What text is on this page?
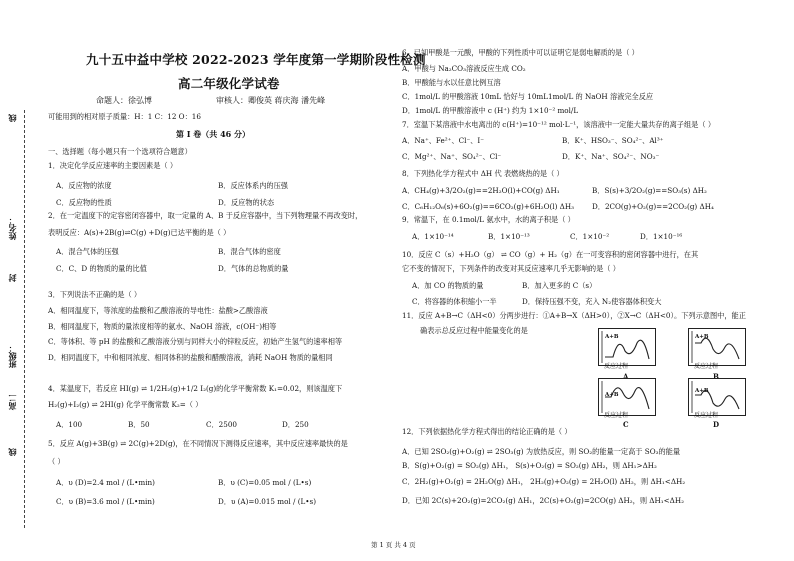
线
姓名：
封
班级：
高二
线
九十五中益中学校 2022-2023 学年度第一学期阶段性检测
高二年级化学试卷
命题人：徐弘博	审核人：卿俊英 蒋庆海 潘先峰
可能用到的相对原子质量：H：1 C：12 O：16
第 Ⅰ 卷（共 46 分）
一、选择题（每小题只有一个选项符合题意）
1．决定化学反应速率的主要因素是（ ）
A．反应物的浓度	B．反应体系内的压强
C．反应物的性质	D．反应物的状态
2．在一定温度下的定容密闭容器中，取一定量的 A、B 于反应容器中，当下列物理量不再改变时，
表明反应：A(s)+2B(g)⇌C(g) +D(g)已达平衡的是（ ）
A．混合气体的压强	B．混合气体的密度
C．C、D 的物质的量的比值	D．气体的总物质的量
3．下列说法不正确的是（ ）
A．相同温度下，等浓度的盐酸和乙酸溶液的导电性：盐酸>乙酸溶液
B．相同温度下，物质的量浓度相等的氨水、NaOH 溶液，c(OH⁻)相等
C．等体积、等 pH 的盐酸和乙酸溶液分别与同样大小的锌粒反应，初始产生氢气的速率相等
D．相同温度下，中和相同浓度、相同体积的盐酸和醋酸溶液，消耗 NaOH 物质的量相同
4．某温度下，若反应 HI(g) ⇌ 1/2H₂(g)+1/2 I₂(g)的化学平衡常数 K₁=0.02，则该温度下
H₂(g)+I₂(g) ⇌ 2HI(g) 化学平衡常数 K₂=（ ）
A．100	B．50	C．2500	D．250
5．反应 A(g)+3B(g) ⇌ 2C(g)+2D(g)，在不同情况下测得反应速率，其中反应速率最快的是
（ ）
A．υ (D)=2.4 mol / (L•min)	B．υ (C)=0.05 mol / (L•s)
C．υ (B)=3.6 mol / (L•min)	D．υ (A)=0.015 mol / (L•s)
6．已知甲酸是一元酸，甲酸的下列性质中可以证明它是弱电解质的是（ ）
A．甲酸与 Na₂CO₃溶液反应生成 CO₂
B．甲酸能与水以任意比例互溶
C．1mol/L 的甲酸溶液 10mL 恰好与 10mL1mol/L 的 NaOH 溶液完全反应
D．1mol/L 的甲酸溶液中 c (H⁺) 约为 1×10⁻² mol/L
7．室温下某溶液中水电离出的 c(H⁺)=10⁻¹² mol·L⁻¹，该溶液中一定能大量共存的离子组是（ ）
A．Na⁺、Fe²⁺、Cl⁻、I⁻	B．K⁺、HSO₃⁻、SO₄²⁻、Al³⁺
C．Mg²⁺、Na⁺、SO₄²⁻、Cl⁻	D．K⁺、Na⁺、SO₄²⁻、NO₃⁻
8．下列热化学方程式中 ΔH 代 表燃烧热的是（ ）
A．CH₄(g)+3/2O₂(g)==2H₂O(l)+CO(g) ΔH₁	B．S(s)+3/2O₂(g)==SO₃(s) ΔH₂
C．C₆H₁₂O₆(s)+6O₂(g)==6CO₂(g)+6H₂O(l) ΔH₃ D．2CO(g)+O₂(g)==2CO₂(g) ΔH₄
9．常温下，在 0.1mol/L 氨水中，水的离子积是（ ）
A．1×10⁻¹⁴	B．1×10⁻¹³	C．1×10⁻²	D．1×10⁻¹⁶
10．反应 C（s）+H₂O（g） ⇌ CO（g）+ H₂（g）在一可变容积的密闭容器中进行，在其
它不变的情况下，下列条件的改变对其反应速率几乎无影响的是（ ）
A．加 CO 的物质的量	B．加入更多的 C（s）
C．将容器的体积缩小一半	D．保持压强不变，充入 N₂使容器体积变大
11．反应 A+B→C（ΔH<0）分两步进行：①A+B→X（ΔH>0），②X→C（ΔH<0）。下列示意图中，能正
确表示总反应过程中能量变化的是
A+B
反应过程
A
A+B
反应过程
B
A+B
反应过程
C
A+B
反应过程
D
12．下列依据热化学方程式得出的结论正确的是（ ）
A．已知 2SO₂(g)+O₂(g) ⇌ 2SO₃(g) 为放热反应，则 SO₂的能量一定高于 SO₃的能量
B．S(g)+O₂(g) = SO₂(g) ΔH₁， S(s)+O₂(g) = SO₂(g) ΔH₂，则 ΔH₁>ΔH₂
C．2H₂(g)+O₂(g) = 2H₂O(g) ΔH₁， 2H₂(g)+O₂(g) = 2H₂O(l) ΔH₂，则 ΔH₁<ΔH₂
D．已知 2C(s)+2O₂(g)=2CO₂(g) ΔH₁，2C(s)+O₂(g)=2CO(g) ΔH₂，则 ΔH₁<ΔH₂
第 1 页 共 4 页
